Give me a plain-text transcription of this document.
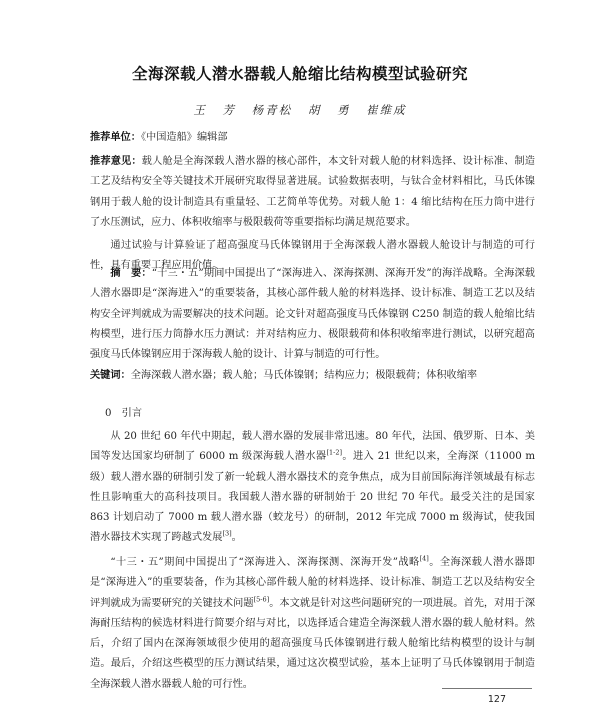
全海深载人潜水器载人舱缩比结构模型试验研究
王 芳 杨青松 胡 勇 崔维成
推荐单位：《中国造船》编辑部
推荐意见：载人舱是全海深载人潜水器的核心部件，本文针对载人舱的材料选择、设计标准、制造工艺及结构安全等关键技术开展研究取得显著进展。试验数据表明，与钛合金材料相比，马氏体镍钢用于载人舱的设计制造具有重量轻、工艺简单等优势。对载人舱 1：4 缩比结构在压力筒中进行了水压测试，应力、体积收缩率与极限载荷等重要指标均满足规范要求。
通过试验与计算验证了超高强度马氏体镍钢用于全海深载人潜水器载人舱设计与制造的可行性，具有重要工程应用价值。
摘　要：“十三・五”期间中国提出了“深海进入、深海探测、深海开发”的海洋战略。全海深载人潜水器即是“深海进入”的重要装备，其核心部件载人舱的材料选择、设计标准、制造工艺以及结构安全评判就成为需要解决的技术问题。论文针对超高强度马氏体镍钢 C250 制造的载人舱缩比结构模型，进行压力筒静水压力测试：并对结构应力、极限载荷和体积收缩率进行测试，以研究超高强度马氏体镍钢应用于深海载人舱的设计、计算与制造的可行性。
关键词：全海深载人潜水器；载人舱；马氏体镍钢；结构应力；极限载荷；体积收缩率
0　引言
从 20 世纪 60 年代中期起，载人潜水器的发展非常迅速。80 年代，法国、俄罗斯、日本、美国等发达国家均研制了 6000 m 级深海载人潜水器[1-2]。进入 21 世纪以来，全海深（11000 m 级）载人潜水器的研制引发了新一轮载人潜水器技术的竞争焦点，成为目前国际海洋领域最有标志性且影响重大的高科技项目。我国载人潜水器的研制始于 20 世纪 70 年代。最受关注的是国家 863 计划启动了 7000 m 载人潜水器（蛟龙号）的研制，2012 年完成 7000 m 级海试，使我国潜水器技术实现了跨越式发展[3]。
“十三・五”期间中国提出了“深海进入、深海探测、深海开发”战略[4]。全海深载人潜水器即是“深海进入”的重要装备，作为其核心部件载人舱的材料选择、设计标准、制造工艺以及结构安全评判就成为需要研究的关键技术问题[5-6]。本文就是针对这些问题研究的一项进展。首先，对用于深海耐压结构的候选材料进行简要介绍与对比，以选择适合建造全海深载人潜水器的载人舱材料。然后，介绍了国内在深海领域很少使用的超高强度马氏体镍钢进行载人舱缩比结构模型的设计与制造。最后，介绍这些模型的压力测试结果，通过这次模型试验，基本上证明了马氏体镍钢用于制造全海深载人潜水器载人舱的可行性。
127
